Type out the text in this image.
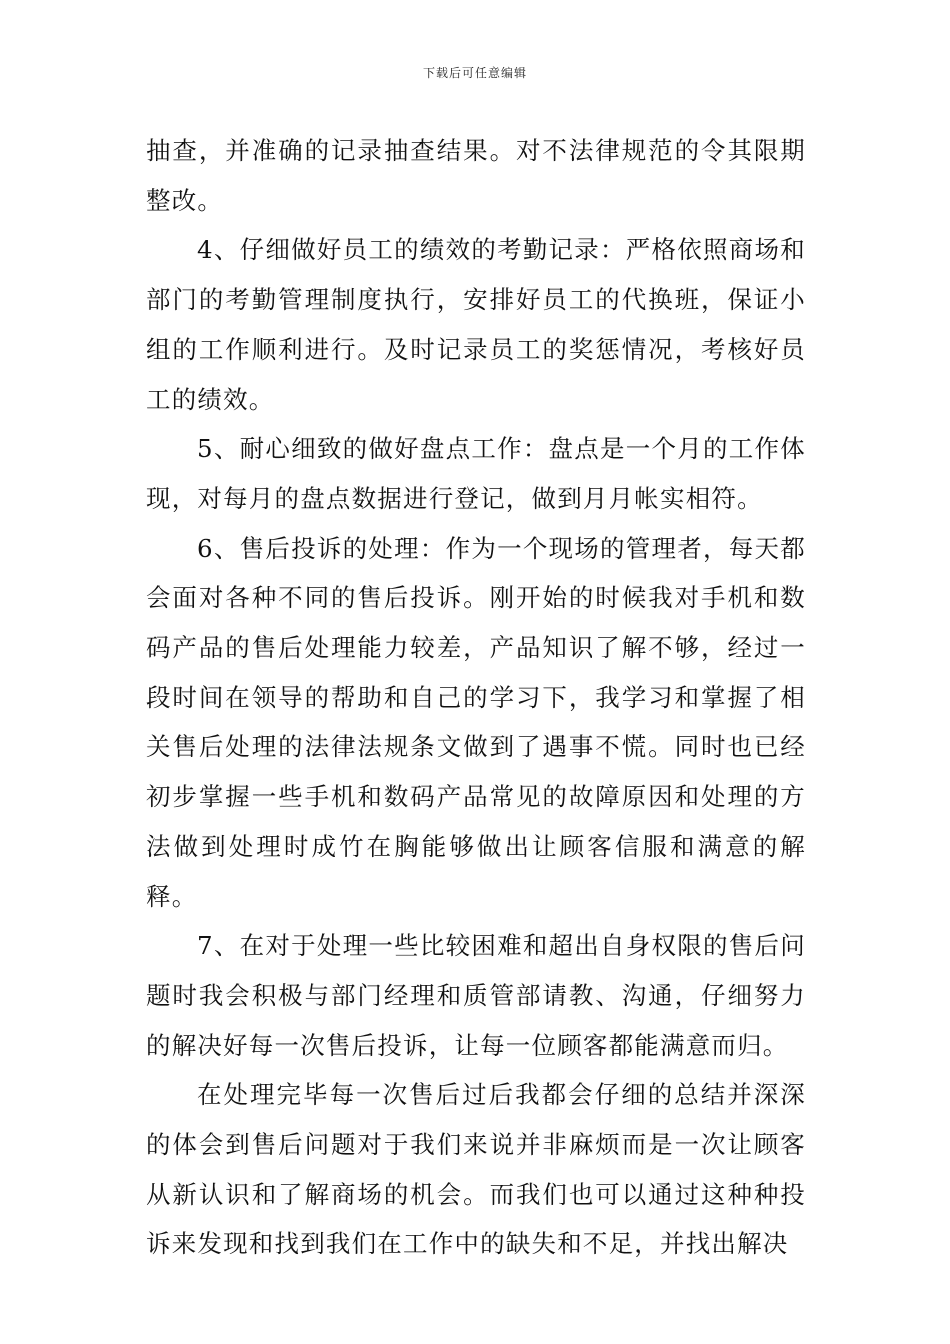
下载后可任意编辑

抽查，并准确的记录抽查结果。对不法律规范的令其限期整改。

4、仔细做好员工的绩效的考勤记录：严格依照商场和部门的考勤管理制度执行，安排好员工的代换班，保证小组的工作顺利进行。及时记录员工的奖惩情况，考核好员工的绩效。

5、耐心细致的做好盘点工作：盘点是一个月的工作体现，对每月的盘点数据进行登记，做到月月帐实相符。

6、售后投诉的处理：作为一个现场的管理者，每天都会面对各种不同的售后投诉。刚开始的时候我对手机和数码产品的售后处理能力较差，产品知识了解不够，经过一段时间在领导的帮助和自己的学习下，我学习和掌握了相关售后处理的法律法规条文做到了遇事不慌。同时也已经初步掌握一些手机和数码产品常见的故障原因和处理的方法做到处理时成竹在胸能够做出让顾客信服和满意的解释。

7、在对于处理一些比较困难和超出自身权限的售后问题时我会积极与部门经理和质管部请教、沟通，仔细努力的解决好每一次售后投诉，让每一位顾客都能满意而归。

在处理完毕每一次售后过后我都会仔细的总结并深深的体会到售后问题对于我们来说并非麻烦而是一次让顾客从新认识和了解商场的机会。而我们也可以通过这种种投诉来发现和找到我们在工作中的缺失和不足，并找出解决
